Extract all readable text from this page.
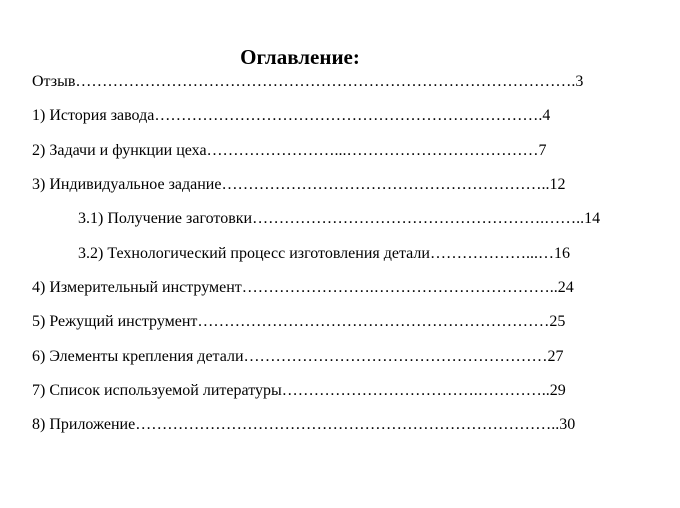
Оглавление:
Отзыв………………………………………………………………………………….3
1) История завода……………………………………………………………….4
2) Задачи и функции цеха……………………...………………………………7
3) Индивидуальное задание……………………………………………………..12
3.1) Получение заготовки……………………………………………….……..14
3.2) Технологический процесс изготовления детали………………...…16
4) Измерительный инструмент…………………….……………………………..24
5) Режущий инструмент…………………………………………………………25
6) Элементы крепления детали…………………………………………………27
7) Список используемой литературы……………………………….…………..29
8) Приложение……………………………………………………………………..30
